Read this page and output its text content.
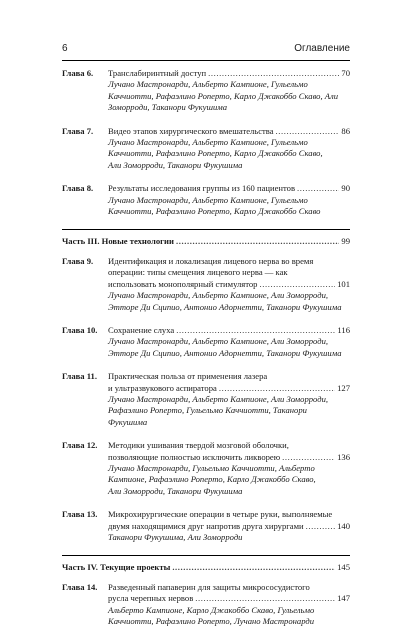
6	Оглавление
Глава 6. Транслабиринтный доступ .....	70
Лучано Мастронарди, Альберто Кампионе, Гульельмо
Каччиотти, Рафаэлино Роперто, Карло Джакоббо Скаво, Али
Зоморроди, Таканори Фукушима
Глава 7. Видео этапов хирургического вмешательства .....	86
Лучано Мастронарди, Альберто Кампионе, Гульельмо
Каччиотти, Рафаэлино Роперто, Карло Джакоббо Скаво,
Али Зоморроди, Таканори Фукушима
Глава 8. Результаты исследования группы из 160 пациентов .....	90
Лучано Мастронарди, Альберто Кампионе, Гульельмо
Каччиотти, Рафаэлино Роперто, Карло Джакоббо Скаво
Часть III. Новые технологии .....	99
Глава 9. Идентификация и локализация лицевого нерва во время
операции: типы смещения лицевого нерва — как
использовать монополярный стимулятор .....	101
Лучано Мастронарди, Альберто Кампионе, Али Зоморроди,
Эттоpe Ди Сципио, Антонио Адорнетти, Таканори Фукушима
Глава 10. Сохранение слуха .....	116
Лучано Мастронарди, Альберто Кампионе, Али Зоморроди,
Эттоpe Ди Сципио, Антонио Адорнетти, Таканори Фукушима
Глава 11. Практическая польза от применения лазера
и ультразвукового аспиратора .....	127
Лучано Мастронарди, Альберто Кампионе, Али Зоморроди,
Рафаэлино Роперто, Гульельмо Каччиотти, Таканори
Фукушима
Глава 12. Методики ушивания твердой мозговой оболочки,
позволяющие полностью исключить ликворею .....	136
Лучано Мастронарди, Гульельмо Каччиотти, Альберто
Кампионе, Рафаэлино Роперто, Карло Джакоббо Скаво,
Али Зоморроди, Таканори Фукушима
Глава 13. Микрохирургические операции в четыре руки, выполняемые
двумя находящимися друг напротив друга хирургами .....	140
Таканори Фукушима, Али Зоморроди
Часть IV. Текущие проекты .....	145
Глава 14. Разведенный папаверин для защиты микрососудистого
русла черепных нервов .....	147
Альберто Кампионе, Карло Джакоббо Скаво, Гульельмо
Каччиотти, Рафаэлино Роперто, Лучано Мастронарди
